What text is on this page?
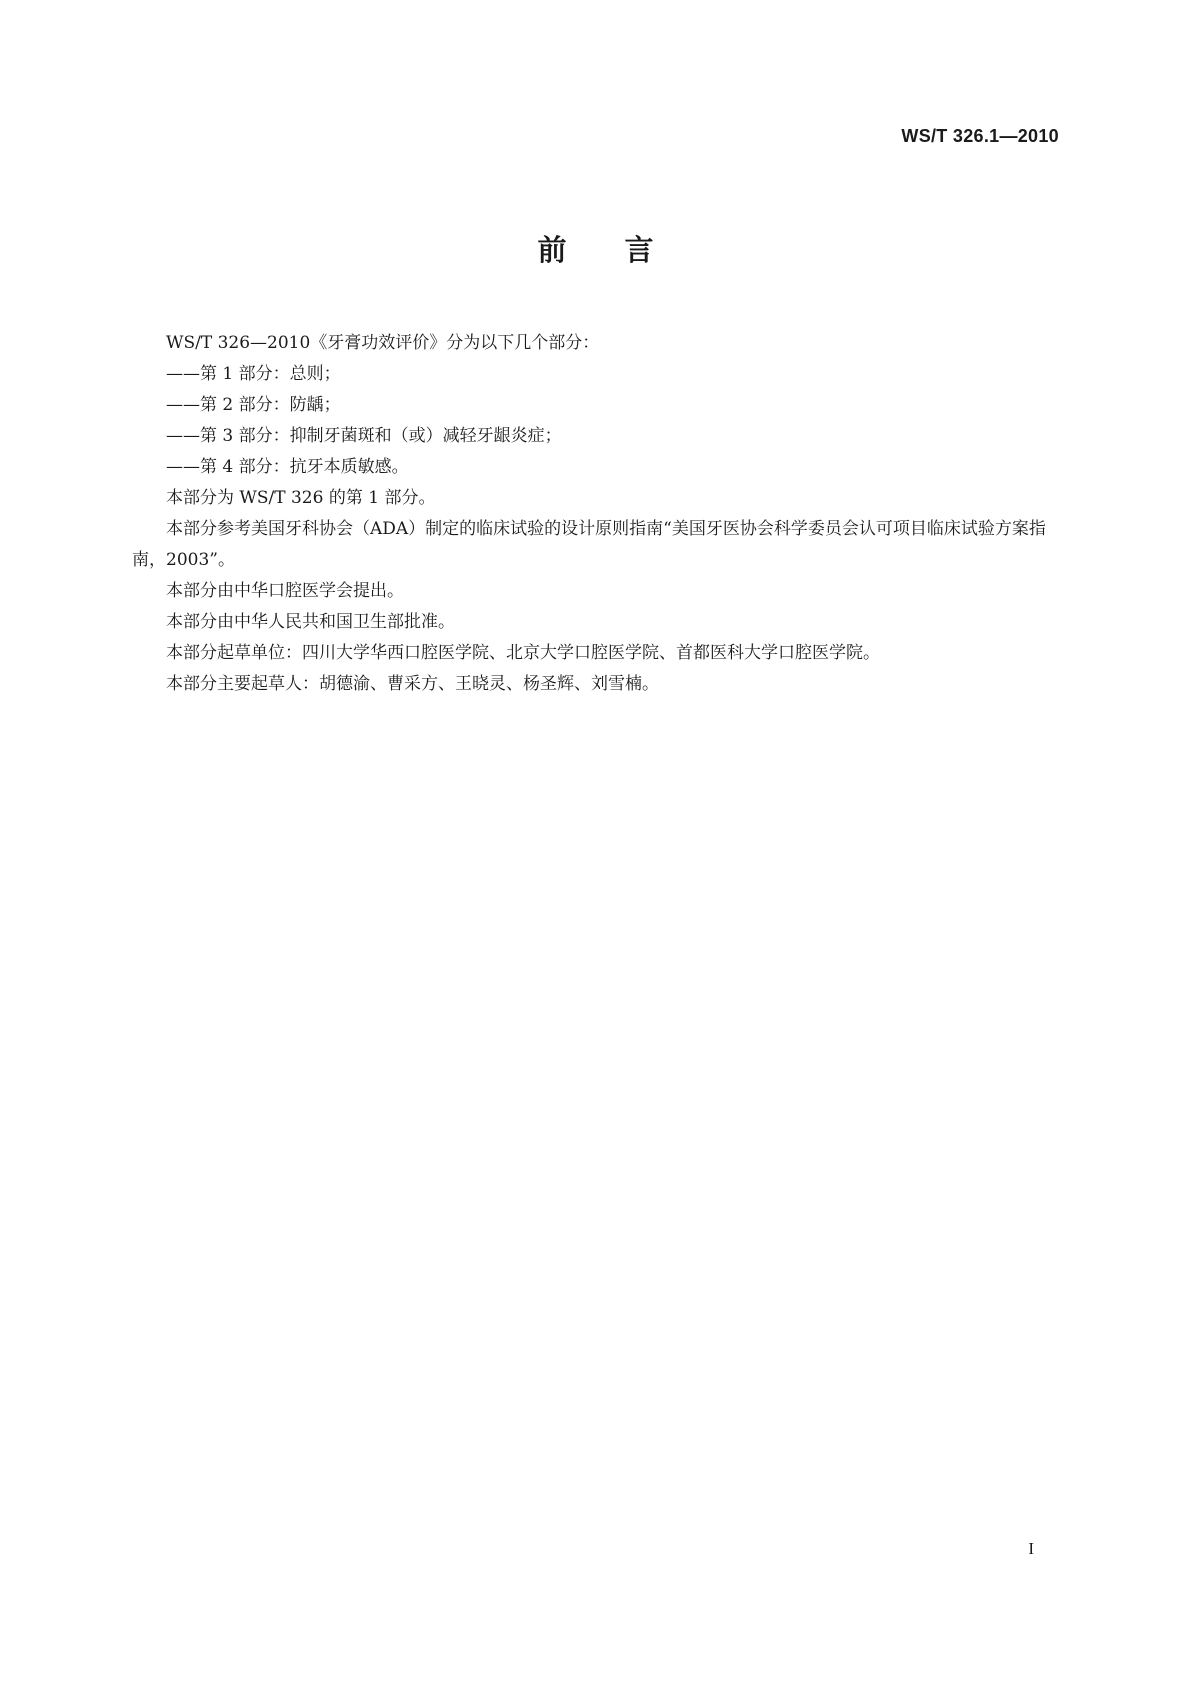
WS/T 326.1—2010
前言

WS/T 326—2010《牙膏功效评价》分为以下几个部分：

——第 1 部分：总则；

——第 2 部分：防龋；

——第 3 部分：抑制牙菌斑和（或）减轻牙龈炎症；

——第 4 部分：抗牙本质敏感。

本部分为 WS/T 326 的第 1 部分。

本部分参考美国牙科协会（ADA）制定的临床试验的设计原则指南“美国牙医协会科学委员会认可项目临床试验方案指南，2003”。

本部分由中华口腔医学会提出。

本部分由中华人民共和国卫生部批准。

本部分起草单位：四川大学华西口腔医学院、北京大学口腔医学院、首都医科大学口腔医学院。

本部分主要起草人：胡德渝、曹采方、王晓灵、杨圣辉、刘雪楠。

I
